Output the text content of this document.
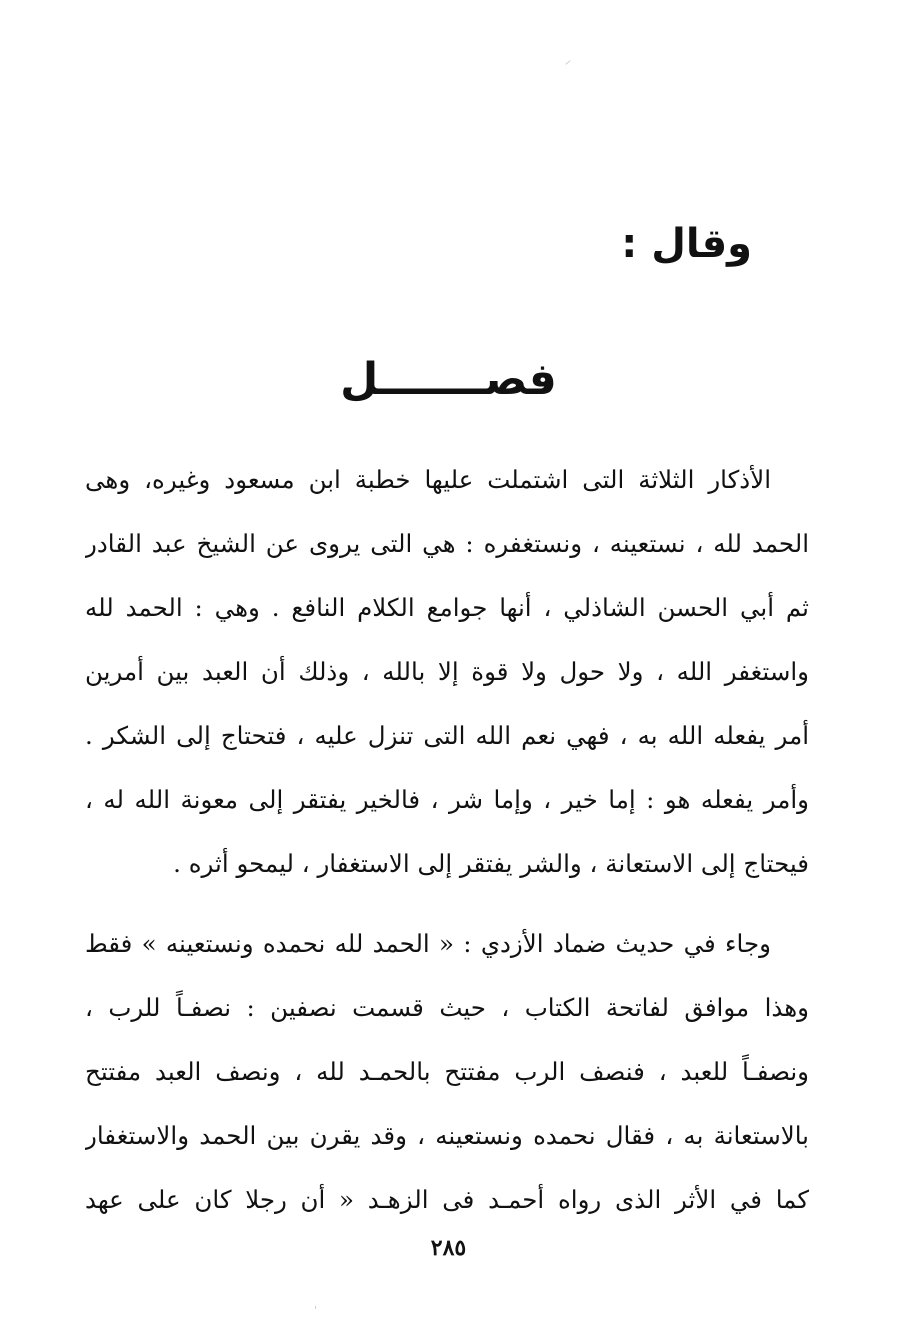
وقال :
فصـــــــل
الأذكار الثلاثة التى اشتملت عليها خطبة ابن مسعود وغيره، وهى
الحمد لله ، نستعينه ، ونستغفره : هي التى يروى عن الشيخ عبد القادر
ثم أبي الحسن الشاذلي ، أنها جوامع الكلام النافع . وهي : الحمد لله
واستغفر الله ، ولا حول ولا قوة إلا بالله ، وذلك أن العبد بين أمرين
أمر يفعله الله به ، فهي نعم الله التى تنزل عليه ، فتحتاج إلى الشكر .
وأمر يفعله هو : إما خير ، وإما شر ، فالخير يفتقر إلى معونة الله له ،
فيحتاج إلى الاستعانة ، والشر يفتقر إلى الاستغفار ، ليمحو أثره .
وجاء في حديث ضماد الأزدي : « الحمد لله نحمده ونستعينه » فقط
وهذا موافق لفاتحة الكتاب ، حيث قسمت نصفين : نصفـاً للرب ،
ونصفـاً للعبد ، فنصف الرب مفتتح بالحمـد لله ، ونصف العبد مفتتح
بالاستعانة به ، فقال نحمده ونستعينه ، وقد يقرن بين الحمد والاستغفار
كما في الأثر الذى رواه أحمـد فى الزهـد « أن رجلا كان على عهد
٢٨٥
